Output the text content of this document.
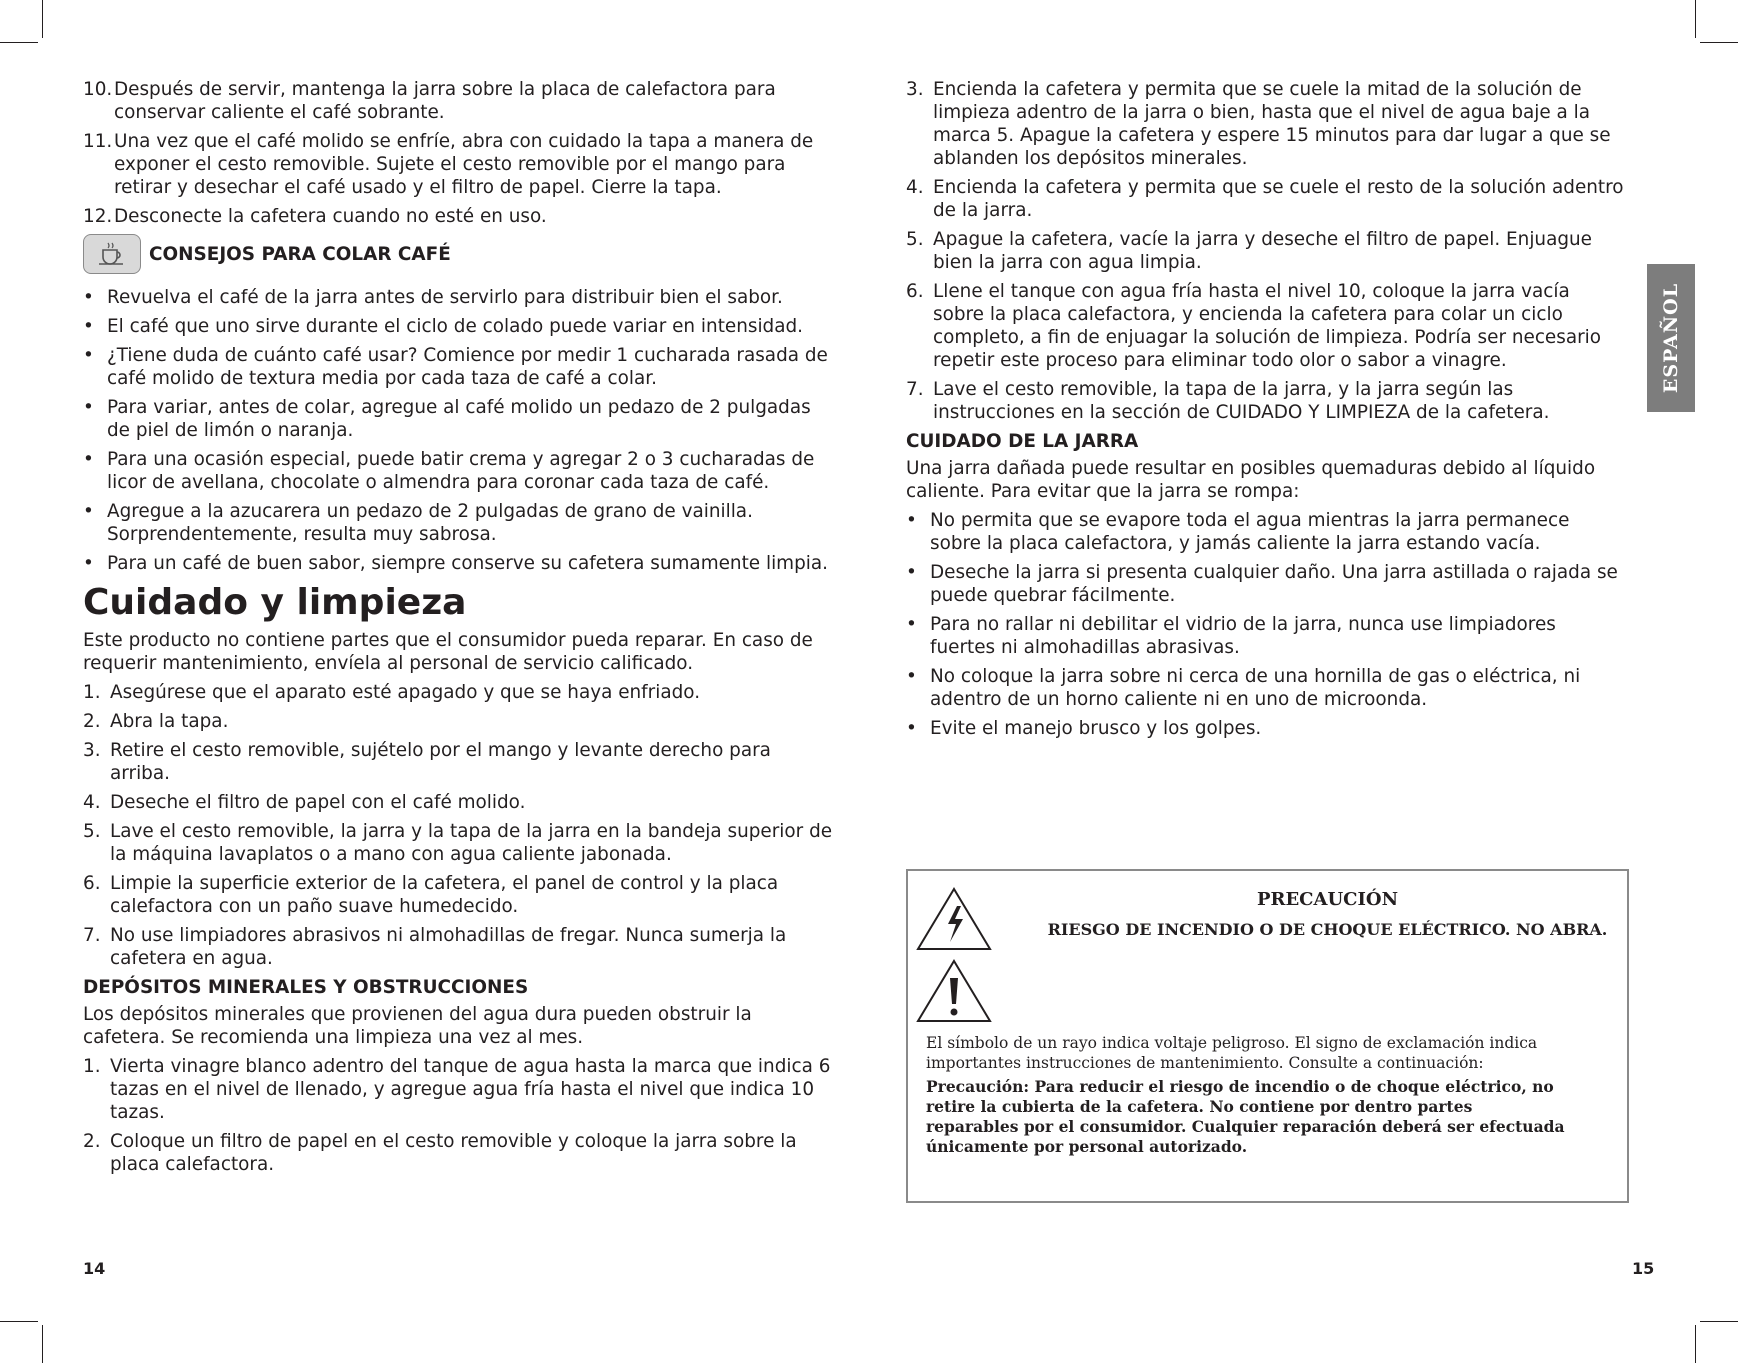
10. Después de servir, mantenga la jarra sobre la placa de calefactora para conservar caliente el café sobrante.
11. Una vez que el café molido se enfríe, abra con cuidado la tapa a manera de exponer el cesto removible. Sujete el cesto removible por el mango para retirar y desechar el café usado y el filtro de papel. Cierre la tapa.
12. Desconecte la cafetera cuando no esté en uso.
CONSEJOS PARA COLAR CAFÉ
• Revuelva el café de la jarra antes de servirlo para distribuir bien el sabor.
• El café que uno sirve durante el ciclo de colado puede variar en intensidad.
• ¿Tiene duda de cuánto café usar? Comience por medir 1 cucharada rasada de café molido de textura media por cada taza de café a colar.
• Para variar, antes de colar, agregue al café molido un pedazo de 2 pulgadas de piel de limón o naranja.
• Para una ocasión especial, puede batir crema y agregar 2 o 3 cucharadas de licor de avellana, chocolate o almendra para coronar cada taza de café.
• Agregue a la azucarera un pedazo de 2 pulgadas de grano de vainilla. Sorprendentemente, resulta muy sabrosa.
• Para un café de buen sabor, siempre conserve su cafetera sumamente limpia.
Cuidado y limpieza
Este producto no contiene partes que el consumidor pueda reparar. En caso de requerir mantenimiento, envíela al personal de servicio calificado.
1. Asegúrese que el aparato esté apagado y que se haya enfriado.
2. Abra la tapa.
3. Retire el cesto removible, sujételo por el mango y levante derecho para arriba.
4. Deseche el filtro de papel con el café molido.
5. Lave el cesto removible, la jarra y la tapa de la jarra en la bandeja superior de la máquina lavaplatos o a mano con agua caliente jabonada.
6. Limpie la superficie exterior de la cafetera, el panel de control y la placa calefactora con un paño suave humedecido.
7. No use limpiadores abrasivos ni almohadillas de fregar. Nunca sumerja la cafetera en agua.
DEPÓSITOS MINERALES Y OBSTRUCCIONES
Los depósitos minerales que provienen del agua dura pueden obstruir la cafetera. Se recomienda una limpieza una vez al mes.
1. Vierta vinagre blanco adentro del tanque de agua hasta la marca que indica 6 tazas en el nivel de llenado, y agregue agua fría hasta el nivel que indica 10 tazas.
2. Coloque un filtro de papel en el cesto removible y coloque la jarra sobre la placa calefactora.
3. Encienda la cafetera y permita que se cuele la mitad de la solución de limpieza adentro de la jarra o bien, hasta que el nivel de agua baje a la marca 5. Apague la cafetera y espere 15 minutos para dar lugar a que se ablanden los depósitos minerales.
4. Encienda la cafetera y permita que se cuele el resto de la solución adentro de la jarra.
5. Apague la cafetera, vacíe la jarra y deseche el filtro de papel. Enjuague bien la jarra con agua limpia.
6. Llene el tanque con agua fría hasta el nivel 10, coloque la jarra vacía sobre la placa calefactora, y encienda la cafetera para colar un ciclo completo, a fin de enjuagar la solución de limpieza. Podría ser necesario repetir este proceso para eliminar todo olor o sabor a vinagre.
7. Lave el cesto removible, la tapa de la jarra, y la jarra según las instrucciones en la sección de CUIDADO Y LIMPIEZA de la cafetera.
CUIDADO DE LA JARRA
Una jarra dañada puede resultar en posibles quemaduras debido al líquido caliente. Para evitar que la jarra se rompa:
• No permita que se evapore toda el agua mientras la jarra permanece sobre la placa calefactora, y jamás caliente la jarra estando vacía.
• Deseche la jarra si presenta cualquier daño. Una jarra astillada o rajada se puede quebrar fácilmente.
• Para no rallar ni debilitar el vidrio de la jarra, nunca use limpiadores fuertes ni almohadillas abrasivas.
• No coloque la jarra sobre ni cerca de una hornilla de gas o eléctrica, ni adentro de un horno caliente ni en uno de microonda.
• Evite el manejo brusco y los golpes.
ESPAÑOL
PRECAUCIÓN
RIESGO DE INCENDIO O DE CHOQUE ELÉCTRICO. NO ABRA.

El símbolo de un rayo indica voltaje peligroso. El signo de exclamación indica importantes instrucciones de mantenimiento. Consulte a continuación:

Precaución: Para reducir el riesgo de incendio o de choque eléctrico, no retire la cubierta de la cafetera. No contiene por dentro partes reparables por el consumidor. Cualquier reparación deberá ser efectuada únicamente por personal autorizado.

14	15
